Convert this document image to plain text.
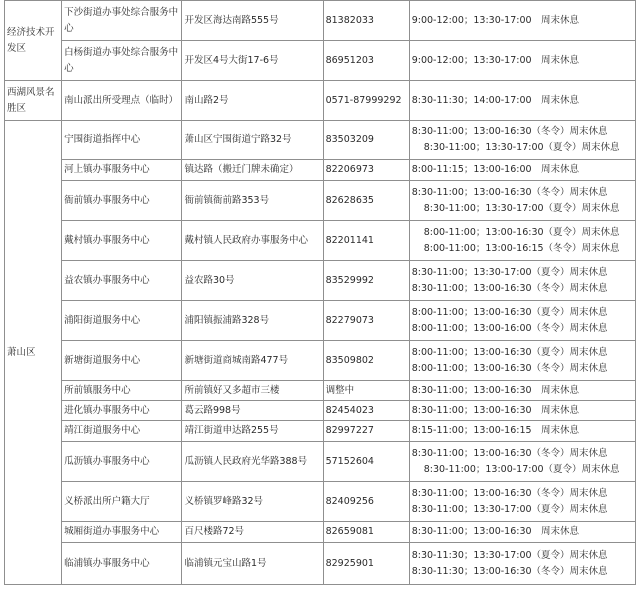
经济技术开发区	下沙街道办事处综合服务中心	开发区海达南路555号	81382033	9:00-12:00；13:30-17:00　周末休息

	白杨街道办事处综合服务中心	开发区4号大街17-6号	86951203	9:00-12:00；13:30-17:00　周末休息

西湖风景名胜区	南山派出所受理点（临时）	南山路2号	0571-87999292	8:30-11:30；14:00-17:00　周末休息

萧山区	宁围街道指挥中心	萧山区宁围街道宁路32号	83503209	8:30-11:00；13:00-16:30（冬令）周末休息
8:30-11:00；13:30-17:00（夏令）周末休息

	河上镇办事服务中心	镇达路（搬迁门牌未确定）	82206973	8:00-11:15；13:00-16:00　周末休息

	衙前镇办事服务中心	衙前镇衙前路353号	82628635	8:30-11:00；13:00-16:30（冬令）周末休息
8:30-11:00；13:30-17:00（夏令）周末休息

	戴村镇办事服务中心	戴村镇人民政府办事服务中心	82201141	8:00-11:00；13:00-16:30（夏令）周末休息
8:00-11:00；13:00-16:15（冬令）周末休息

	益农镇办事服务中心	益农路30号	83529992	8:30-11:00；13:30-17:00（夏令）周末休息
8:30-11:00；13:00-16:30（冬令）周末休息

	浦阳街道服务中心	浦阳镇振浦路328号	82279073	8:00-11:00；13:00-16:30（夏令）周末休息
8:00-11:00；13:00-16:00（冬令）周末休息

	新塘街道服务中心	新塘街道商城南路477号	83509802	8:00-11:00；13:00-16:30（夏令）周末休息
8:00-11:00；13:00-16:30（冬令）周末休息

	所前镇服务中心	所前镇好又多超市三楼	调整中	8:30-11:00；13:00-16:30　周末休息

	进化镇办事服务中心	葛云路998号	82454023	8:30-11:00；13:00-16:30　周末休息

	靖江街道服务中心	靖江街道申达路255号	82997227	8:15-11:00；13:00-16:15　周末休息

	瓜沥镇办事服务中心	瓜沥镇人民政府光华路388号	57152604	8:30-11:00；13:00-16:30（冬令）周末休息
8:30-11:00；13:00-17:00（夏令）周末休息

	义桥派出所户籍大厅	义桥镇罗峰路32号	82409256	8:30-11:00；13:00-16:30（冬令）周末休息
8:30-11:00；13:30-17:00（夏令）周末休息

	城厢街道办事服务中心	百尺楼路72号	82659081	8:30-11:00；13:00-16:30　周末休息

	临浦镇办事服务中心	临浦镇元宝山路1号	82925901	8:30-11:30；13:30-17:00（夏令）周末休息
8:30-11:30；13:00-16:30（冬令）周末休息
